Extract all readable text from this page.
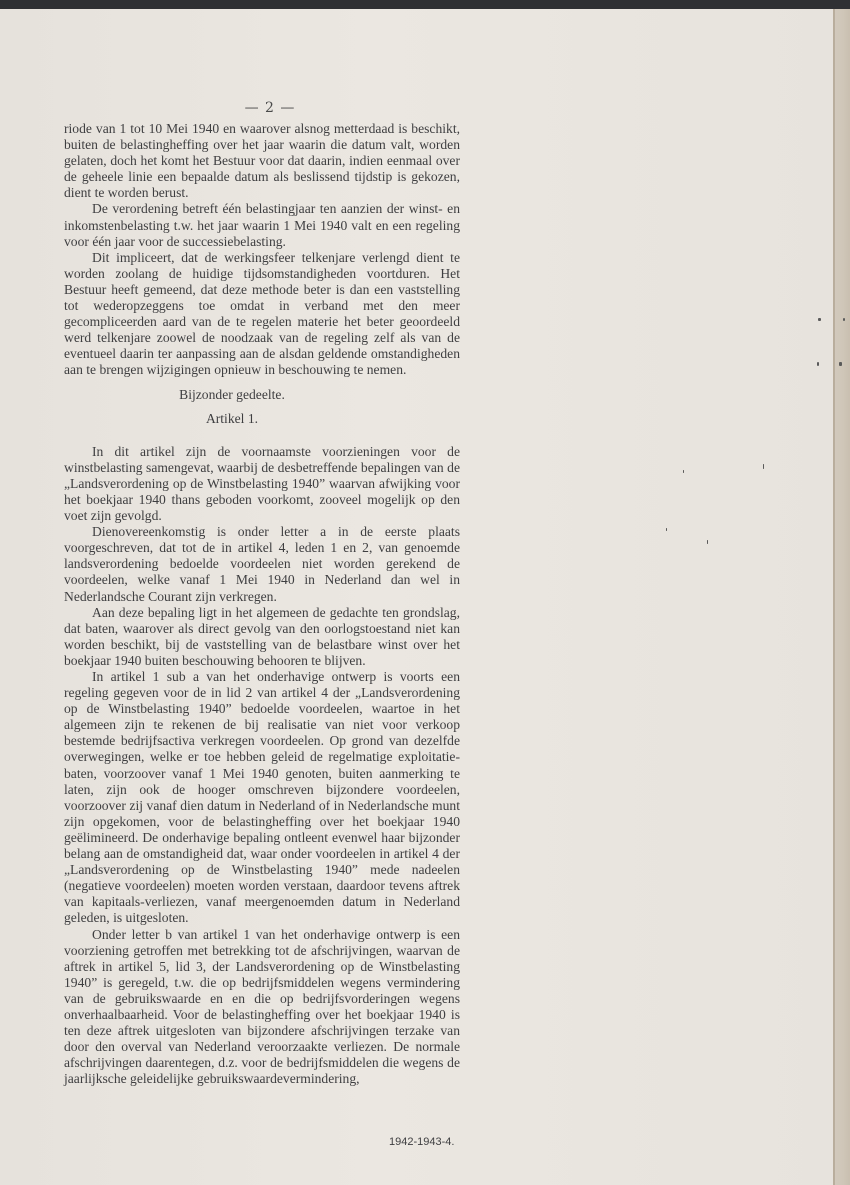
— 2 —

riode van 1 tot 10 Mei 1940 en waarover alsnog metterdaad is beschikt, buiten de belastingheffing over het jaar waarin die datum valt, worden gelaten, doch het komt het Bestuur voor dat daarin, indien eenmaal over de geheele linie een bepaalde datum als beslissend tijdstip is gekozen, dient te worden berust.

De verordening betreft één belastingjaar ten aanzien der winst- en inkomstenbelasting t.w. het jaar waarin 1 Mei 1940 valt en een regeling voor één jaar voor de successiebelasting.

Dit impliceert, dat de werkingsfeer telkenjare verlengd dient te worden zoolang de huidige tijdsomstandigheden voortduren. Het Bestuur heeft gemeend, dat deze methode beter is dan een vaststelling tot wederopzeggens toe omdat in verband met den meer gecompliceerden aard van de te regelen materie het beter geoordeeld werd telkenjare zoowel de noodzaak van de regeling zelf als van de eventueel daarin ter aanpassing aan de alsdan geldende omstandigheden aan te brengen wijzigingen opnieuw in beschouwing te nemen.

Bijzonder gedeelte.

Artikel 1.

In dit artikel zijn de voornaamste voorzieningen voor de winstbelasting samengevat, waarbij de desbetreffende bepalingen van de „Landsverordening op de Winstbelasting 1940” waarvan afwijking voor het boekjaar 1940 thans geboden voorkomt, zooveel mogelijk op den voet zijn gevolgd.

Dienovereenkomstig is onder letter a in de eerste plaats voorgeschreven, dat tot de in artikel 4, leden 1 en 2, van genoemde landsverordening bedoelde voordeelen niet worden gerekend de voordeelen, welke vanaf 1 Mei 1940 in Nederland dan wel in Nederlandsche Courant zijn verkregen.

Aan deze bepaling ligt in het algemeen de gedachte ten grondslag, dat baten, waarover als direct gevolg van den oorlogstoestand niet kan worden beschikt, bij de vaststelling van de belastbare winst over het boekjaar 1940 buiten beschouwing behooren te blijven.

In artikel 1 sub a van het onderhavige ontwerp is voorts een regeling gegeven voor de in lid 2 van artikel 4 der „Landsverordening op de Winstbelasting 1940” bedoelde voordeelen, waartoe in het algemeen zijn te rekenen de bij realisatie van niet voor verkoop bestemde bedrijfsactiva verkregen voordeelen. Op grond van dezelfde overwegingen, welke er toe hebben geleid de regelmatige exploitatie-baten, voorzoover vanaf 1 Mei 1940 genoten, buiten aanmerking te laten, zijn ook de hooger omschreven bijzondere voordeelen, voorzoover zij vanaf dien datum in Nederland of in Nederlandsche munt zijn opgekomen, voor de belastingheffing over het boekjaar 1940 geëlimineerd. De onderhavige bepaling ontleent evenwel haar bijzonder belang aan de omstandigheid dat, waar onder voordeelen in artikel 4 der „Landsverordening op de Winstbelasting 1940” mede nadeelen (negatieve voordeelen) moeten worden verstaan, daardoor tevens aftrek van kapitaals-verliezen, vanaf meergenoemden datum in Nederland geleden, is uitgesloten.

Onder letter b van artikel 1 van het onderhavige ontwerp is een voorziening getroffen met betrekking tot de afschrijvingen, waarvan de aftrek in artikel 5, lid 3, der Landsverordening op de Winstbelasting 1940” is geregeld, t.w. die op bedrijfsmiddelen wegens vermindering van de gebruikswaarde en en die op bedrijfsvorderingen wegens onverhaalbaarheid. Voor de belastingheffing over het boekjaar 1940 is ten deze aftrek uitgesloten van bijzondere afschrijvingen terzake van door den overval van Nederland veroorzaakte verliezen. De normale afschrijvingen daarentegen, d.z. voor de bedrijfsmiddelen die wegens de jaarlijksche geleidelijke gebruikswaardevermindering,

1942-1943-4.
